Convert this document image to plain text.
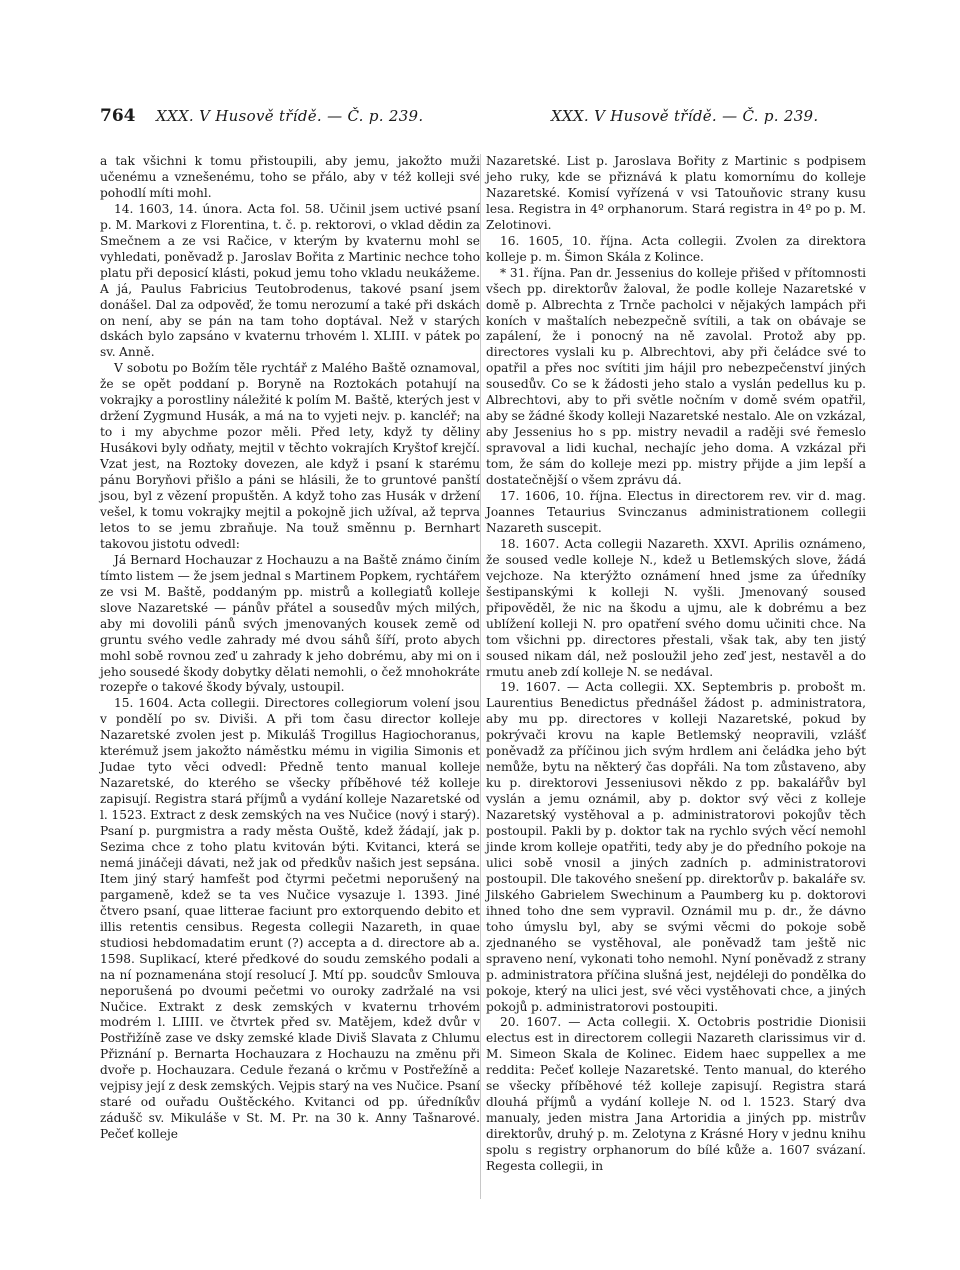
764 XXX. V Husově třídě. — Č. p. 239.	XXX. V Husově třídě. — Č. p. 239.

a tak všichni k tomu přistoupili, aby jemu, jakožto muži učenému a vznešenému, toho se přálo, aby v též kolleji své pohodlí míti mohl.

14. 1603, 14. února. Acta fol. 58. Učinil jsem uctivé psaní p. M. Markovi z Florentina, t. č. p. rektorovi, o vklad dědin za Smečnem a ze vsi Račice, v kterým by kvaternu mohl se vyhledati, poněvadž p. Jaroslav Bořita z Martinic nechce toho platu při deposicí klásti, pokud jemu toho vkladu neukážeme. A já, Paulus Fabricius Teutobrodenus, takové psaní jsem donášel. Dal za odpověď, že tomu nerozumí a také při dskách on není, aby se pán na tam toho doptával. Než v starých dskách bylo zapsáno v kvaternu trhovém l. XLIII. v pátek po sv. Anně.

V sobotu po Božím těle rychtář z Malého Baště oznamoval, že se opět poddaní p. Boryně na Roztokách potahují na vokrajky a porostliny náležité k polím M. Baště, kterých jest v držení Zygmund Husák, a má na to vyjeti nejv. p. kancléř; na to i my abychme pozor měli. Před lety, když ty děliny Husákovi byly odňaty, mejtil v těchto vokrajích Kryštof krejčí. Vzat jest, na Roztoky dovezen, ale když i psaní k starému pánu Boryňovi přišlo a páni se hlásili, že to gruntové panští jsou, byl z vězení propuštěn. A když toho zas Husák v držení vešel, k tomu vokrajky mejtil a pokojně jich užíval, až teprva letos to se jemu zbraňuje. Na touž směnnu p. Bernhart takovou jistotu odvedl:

Já Bernard Hochauzar z Hochauzu a na Baště známo činím tímto listem — že jsem jednal s Martinem Popkem, rychtářem ze vsi M. Baště, poddaným pp. mistrů a kollegiatů kolleje slove Nazaretské — pánův přátel a sousedův mých milých, aby mi dovolili pánů svých jmenovaných kousek země od gruntu svého vedle zahrady mé dvou sáhů šíří, proto abych mohl sobě rovnou zeď u zahrady k jeho dobrému, aby mi on i jeho sousedé škody dobytky dělati nemohli, o čež mnohokráte rozepře o takové škody bývaly, ustoupil.

15. 1604. Acta collegii. Directores collegiorum volení jsou v pondělí po sv. Diviši. A při tom času director kolleje Nazaretské zvolen jest p. Mikuláš Trogillus Hagiochoranus, kterémuž jsem jakožto náměstku mému in vigilia Simonis et Judae tyto věci odvedl: Předně tento manual kolleje Nazaretské, do kterého se všecky příběhové též kolleje zapisují. Registra stará příjmů a vydání kolleje Nazaretské od l. 1523. Extract z desk zemských na ves Nučice (nový i starý). Psaní p. purgmistra a rady města Ouště, kdež žádají, jak p. Sezima chce z toho platu kvitován býti. Kvitanci, která se nemá jináčeji dávati, než jak od předkův našich jest sepsána. Item jiný starý hamfešt pod čtyrmi pečetmi neporušený na pargameně, kdež se ta ves Nučice vysazuje l. 1393. Jiné čtvero psaní, quae litterae faciunt pro extorquendo debito et illis retentis censibus. Regesta collegii Nazareth, in quae studiosi hebdomadatim erunt (?) accepta a d. directore ab a. 1598. Suplikací, které předkové do soudu zemského podali a na ní poznamenána stojí resolucí J. Mtí pp. soudcův Smlouva neporušená po dvoumi pečetmi vo ouroky zadržalé na vsi Nučice. Extrakt z desk zemských v kvaternu trhovém modrém l. LIIII. ve čtvrtek před sv. Matějem, kdež dvůr v Postřižíně zase ve dsky zemské klade Diviš Slavata z Chlumu Přiznání p. Bernarta Hochauzara z Hochauzu na změnu při dvoře p. Hochauzara. Cedule řezaná o krčmu v Postřežíně a vejpisy její z desk zemských. Vejpis starý na ves Nučice. Psaní staré od ouřadu Ouštěckého. Kvitanci od pp. úředníkův zádušč sv. Mikuláše v St. M. Pr. na 30 k. Anny Tašnarové. Pečeť kolleje

Nazaretské. List p. Jaroslava Bořity z Martinic s podpisem jeho ruky, kde se přiznává k platu komornímu do kolleje Nazaretské. Komisí vyřízená v vsi Tatouňovic strany kusu lesa. Registra in 4º orphanorum. Stará registra in 4º po p. M. Zelotinovi.

16. 1605, 10. října. Acta collegii. Zvolen za direktora kolleje p. m. Šimon Skála z Kolince.

* 31. října. Pan dr. Jessenius do kolleje přišed v přítomnosti všech pp. direktorův žaloval, že podle kolleje Nazaretské v domě p. Albrechta z Trnče pacholci v nějakých lampách při koních v maštalích nebezpečně svítili, a tak on obávaje se zapálení, že i ponocný na ně zavolal. Protož aby pp. directores vyslali ku p. Albrechtovi, aby při čeládce své to opatřil a přes noc svítiti jim hájil pro nebezpečenství jiných sousedův. Co se k žádosti jeho stalo a vyslán pedellus ku p. Albrechtovi, aby to při světle nočním v domě svém opatřil, aby se žádné škody kolleji Nazaretské nestalo. Ale on vzkázal, aby Jessenius ho s pp. mistry nevadil a raději své řemeslo spravoval a lidi kuchal, nechajíc jeho doma. A vzkázal při tom, že sám do kolleje mezi pp. mistry přijde a jim lepší a dostatečnější o všem zprávu dá.

17. 1606, 10. října. Electus in directorem rev. vir d. mag. Joannes Tetaurius Svinczanus administrationem collegii Nazareth suscepit.

18. 1607. Acta collegii Nazareth. XXVI. Aprilis oznámeno, že soused vedle kolleje N., kdež u Betlemských slove, žádá vejchoze. Na kterýžto oznámení hned jsme za úředníky šestipanskými k kolleji N. vyšli. Jmenovaný soused připověděl, že nic na škodu a ujmu, ale k dobrému a bez ublížení kolleji N. pro opatření svého domu učiniti chce. Na tom všichni pp. directores přestali, však tak, aby ten jistý soused nikam dál, než posloužil jeho zeď jest, nestavěl a do rmutu aneb zdí kolleje N. se nedával.

19. 1607. — Acta collegii. XX. Septembris p. probošt m. Laurentius Benedictus přednášel žádost p. administratora, aby mu pp. directores v kolleji Nazaretské, pokud by pokrývači krovu na kaple Betlemský neopravili, vzlášť poněvadž za příčinou jich svým hrdlem ani čeládka jeho být nemůže, bytu na některý čas dopřáli. Na tom zůstaveno, aby ku p. direktorovi Jesseniusovi někdo z pp. bakalářův byl vyslán a jemu oznámil, aby p. doktor svý věci z kolleje Nazaretský vystěhoval a p. administratorovi pokojův těch postoupil. Pakli by p. doktor tak na rychlo svých věcí nemohl jinde krom kolleje opatřiti, tedy aby je do předního pokoje na ulici sobě vnosil a jiných zadních p. administratorovi postoupil. Dle takového snešení pp. direktorův p. bakaláře sv. Jilského Gabrielem Swechinum a Paumberg ku p. doktorovi ihned toho dne sem vypravil. Oznámil mu p. dr., že dávno toho úmyslu byl, aby se svými věcmi do pokoje sobě zjednaného se vystěhoval, ale poněvadž tam ještě nic spraveno není, vykonati toho nemohl. Nyní poněvadž z strany p. administratora příčina slušná jest, nejdéleji do pondělka do pokoje, který na ulici jest, své věci vystěhovati chce, a jiných pokojů p. administratorovi postoupiti.

20. 1607. — Acta collegii. X. Octobris postridie Dionisii electus est in directorem collegii Nazareth clarissimus vir d. M. Simeon Skala de Kolinec. Eidem haec suppellex a me reddita: Pečeť kolleje Nazaretské. Tento manual, do kterého se všecky příběhové též kolleje zapisují. Registra stará dlouhá příjmů a vydání kolleje N. od l. 1523. Starý dva manualy, jeden mistra Jana Artoridia a jiných pp. mistrův direktorův, druhý p. m. Zelotyna z Krásné Hory v jednu knihu spolu s registry orphanorum do bílé kůže a. 1607 svázaní. Regesta collegii, in
